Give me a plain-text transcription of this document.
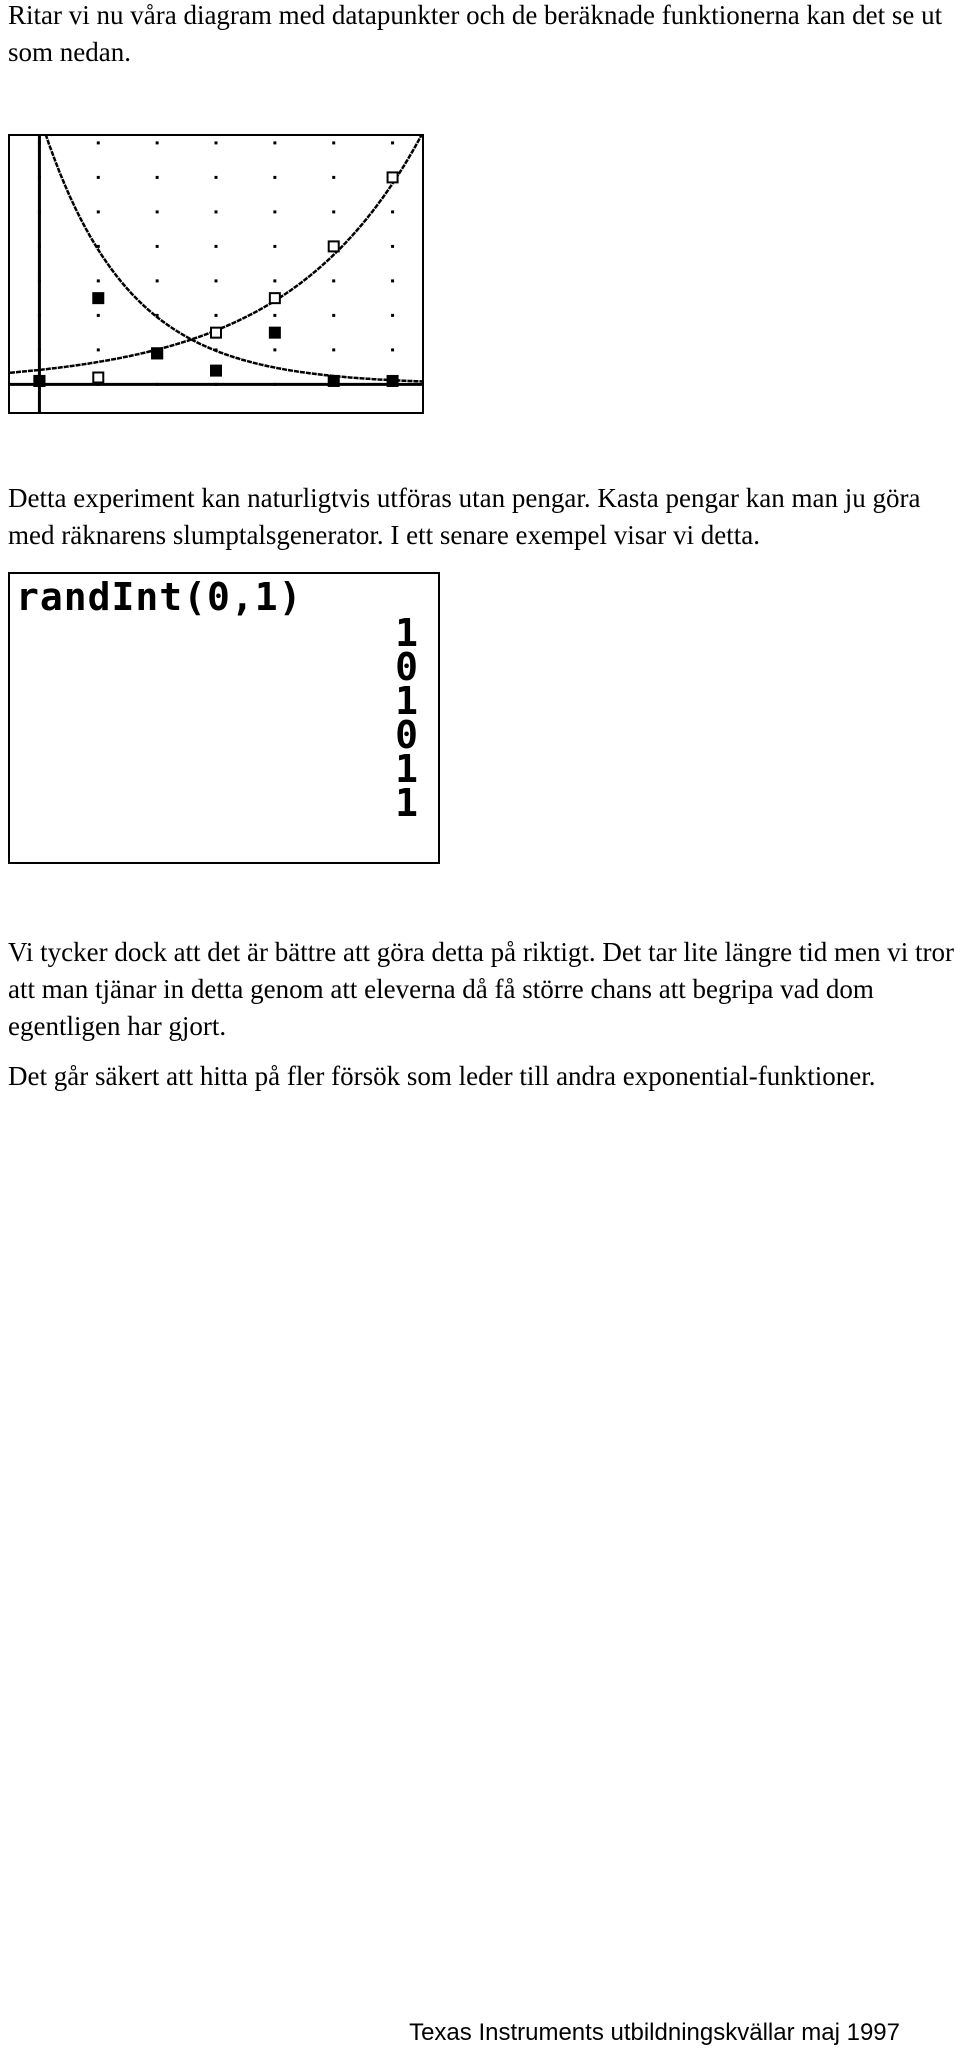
Ritar vi nu våra diagram med datapunkter och de beräknade funktionerna kan det se ut som nedan.

Detta experiment kan naturligtvis utföras utan pengar. Kasta pengar kan man ju göra med räknarens slumptalsgenerator. I ett senare exempel visar vi detta.

randInt(0,1)
1
0
1
0
1
1

Vi tycker dock att det är bättre att göra detta på riktigt. Det tar lite längre tid men vi tror att man tjänar in detta genom att eleverna då få större chans att begripa vad dom egentligen har gjort.

Det går säkert att hitta på fler försök som leder till andra exponential-funktioner.

Texas Instruments utbildningskvällar maj 1997
